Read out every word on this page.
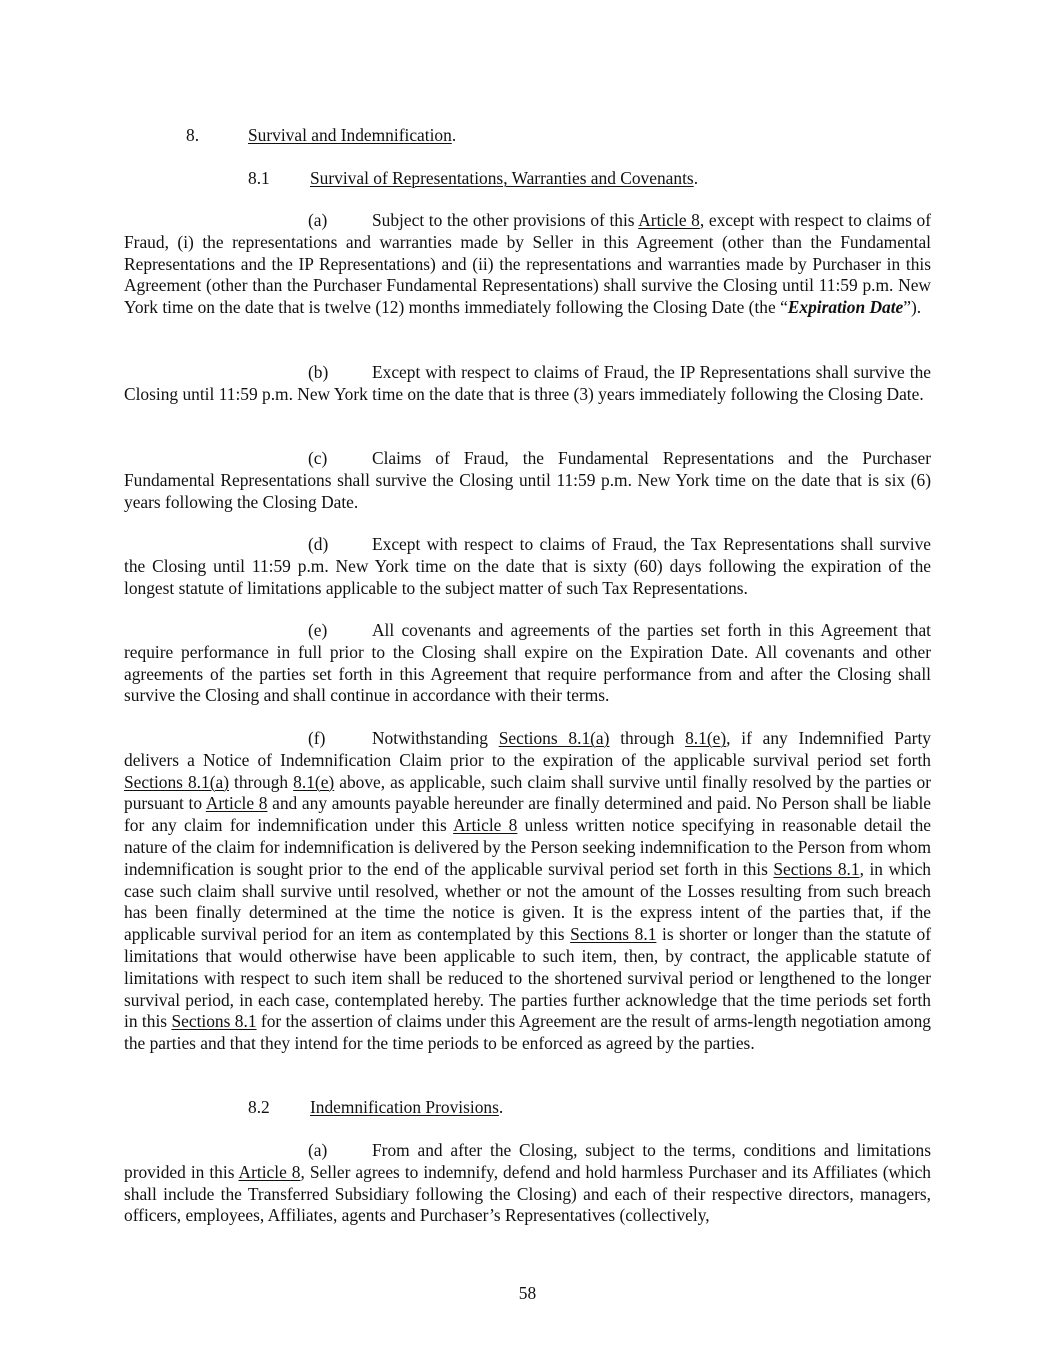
8.	Survival and Indemnification.
8.1 Survival of Representations, Warranties and Covenants.

(a)	Subject to the other provisions of this Article 8, except with respect to claims of Fraud, (i) the representations and warranties made by Seller in this Agreement (other than the Fundamental Representations and the IP Representations) and (ii) the representations and warranties made by Purchaser in this Agreement (other than the Purchaser Fundamental Representations) shall survive the Closing until 11:59 p.m. New York time on the date that is twelve (12) months immediately following the Closing Date (the “Expiration Date”).

(b)	Except with respect to claims of Fraud, the IP Representations shall survive the Closing until 11:59 p.m. New York time on the date that is three (3) years immediately following the Closing Date.

(c)	Claims of Fraud, the Fundamental Representations and the Purchaser Fundamental Representations shall survive the Closing until 11:59 p.m. New York time on the date that is six (6) years following the Closing Date.

(d)	Except with respect to claims of Fraud, the Tax Representations shall survive the Closing until 11:59 p.m. New York time on the date that is sixty (60) days following the expiration of the longest statute of limitations applicable to the subject matter of such Tax Representations.

(e)	All covenants and agreements of the parties set forth in this Agreement that require performance in full prior to the Closing shall expire on the Expiration Date. All covenants and other agreements of the parties set forth in this Agreement that require performance from and after the Closing shall survive the Closing and shall continue in accordance with their terms.

(f)	Notwithstanding Sections 8.1(a) through 8.1(e), if any Indemnified Party delivers a Notice of Indemnification Claim prior to the expiration of the applicable survival period set forth Sections 8.1(a) through 8.1(e) above, as applicable, such claim shall survive until finally resolved by the parties or pursuant to Article 8 and any amounts payable hereunder are finally determined and paid. No Person shall be liable for any claim for indemnification under this Article 8 unless written notice specifying in reasonable detail the nature of the claim for indemnification is delivered by the Person seeking indemnification to the Person from whom indemnification is sought prior to the end of the applicable survival period set forth in this Sections 8.1, in which case such claim shall survive until resolved, whether or not the amount of the Losses resulting from such breach has been finally determined at the time the notice is given. It is the express intent of the parties that, if the applicable survival period for an item as contemplated by this Sections 8.1 is shorter or longer than the statute of limitations that would otherwise have been applicable to such item, then, by contract, the applicable statute of limitations with respect to such item shall be reduced to the shortened survival period or lengthened to the longer survival period, in each case, contemplated hereby. The parties further acknowledge that the time periods set forth in this Sections 8.1 for the assertion of claims under this Agreement are the result of arms-length negotiation among the parties and that they intend for the time periods to be enforced as agreed by the parties.

8.2 Indemnification Provisions.

(a)	From and after the Closing, subject to the terms, conditions and limitations provided in this Article 8, Seller agrees to indemnify, defend and hold harmless Purchaser and its Affiliates (which shall include the Transferred Subsidiary following the Closing) and each of their respective directors, managers, officers, employees, Affiliates, agents and Purchaser’s Representatives (collectively,

58
